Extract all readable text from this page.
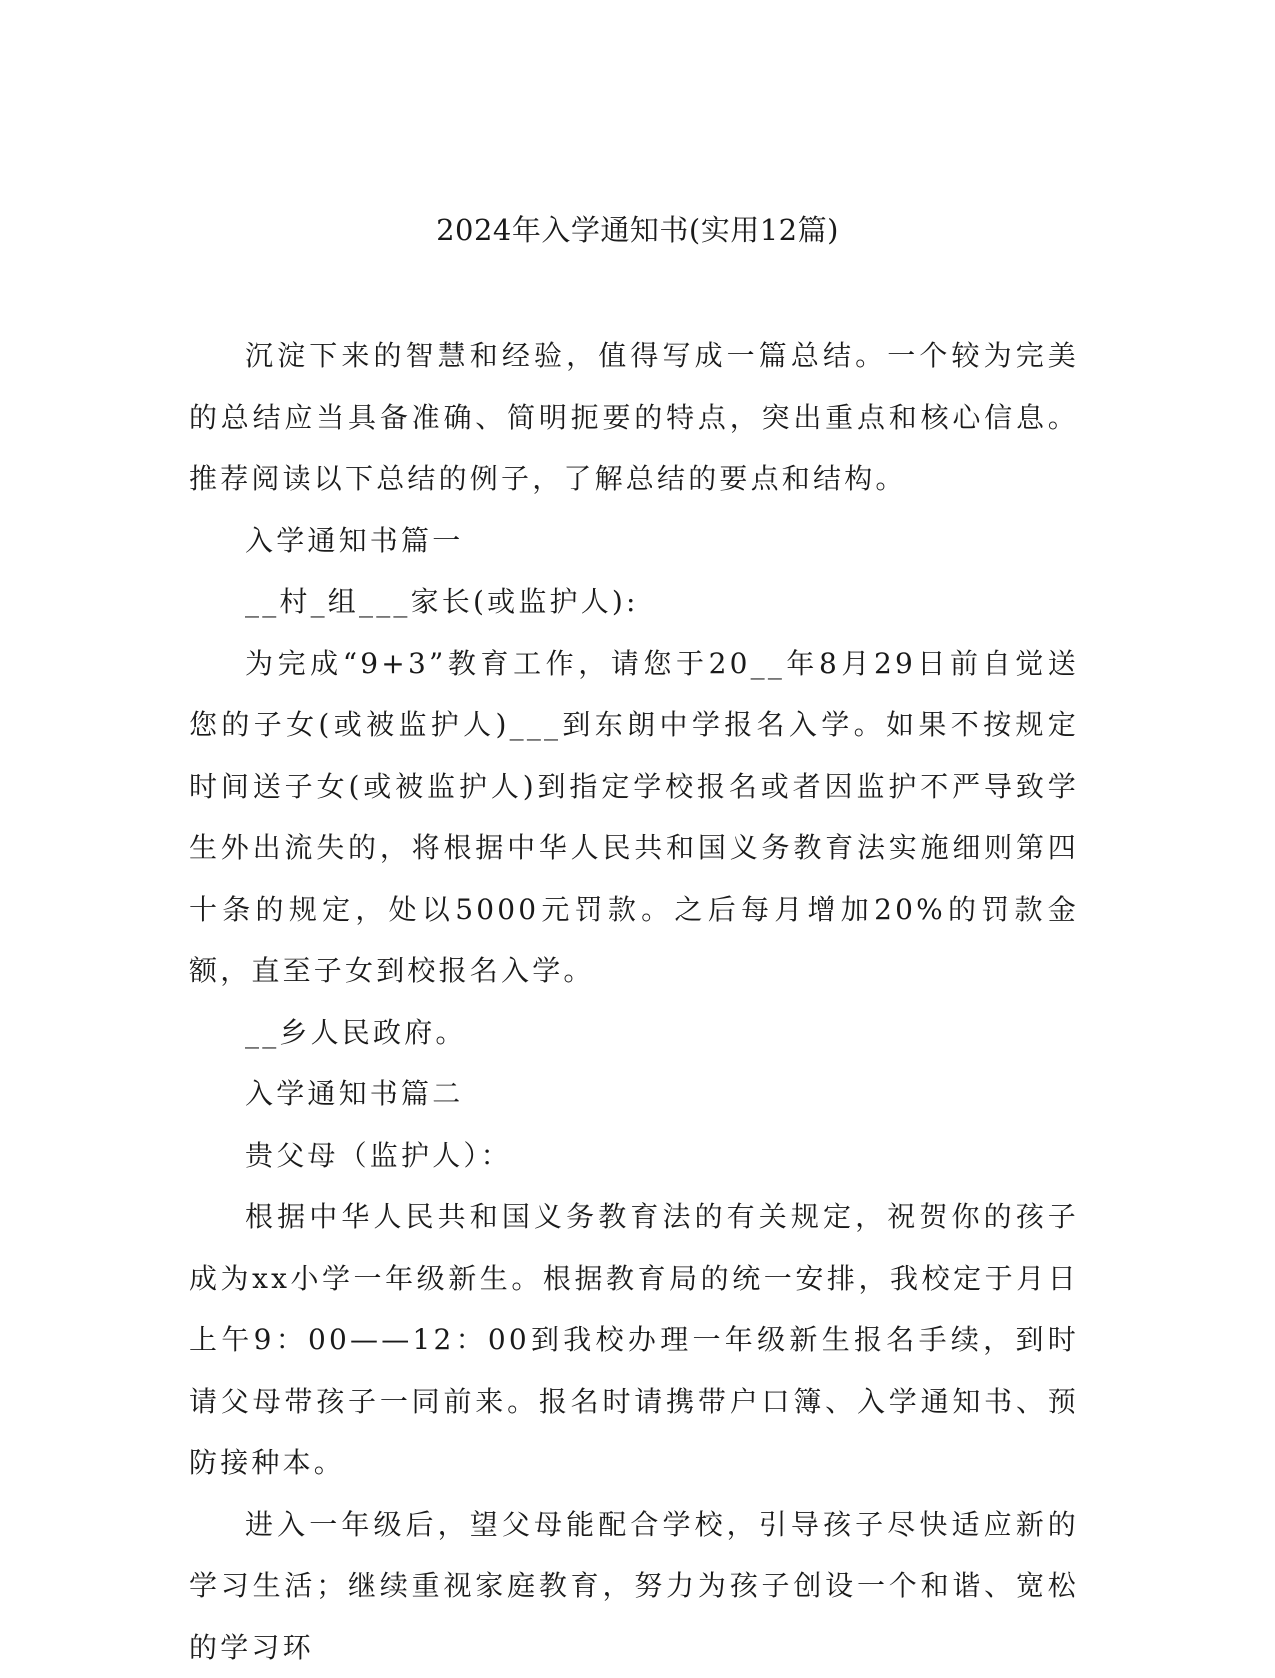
2024年入学通知书(实用12篇)

沉淀下来的智慧和经验，值得写成一篇总结。一个较为完美的总结应当具备准确、简明扼要的特点，突出重点和核心信息。推荐阅读以下总结的例子，了解总结的要点和结构。

入学通知书篇一

__村_组___家长(或监护人):

为完成“9+3”教育工作，请您于20__年8月29日前自觉送您的子女(或被监护人)___到东朗中学报名入学。如果不按规定时间送子女(或被监护人)到指定学校报名或者因监护不严导致学生外出流失的，将根据中华人民共和国义务教育法实施细则第四十条的规定，处以5000元罚款。之后每月增加20%的罚款金额，直至子女到校报名入学。

__乡人民政府。

入学通知书篇二

贵父母（监护人）：

根据中华人民共和国义务教育法的有关规定，祝贺你的孩子成为xx小学一年级新生。根据教育局的统一安排，我校定于月日上午9：00——12：00到我校办理一年级新生报名手续，到时请父母带孩子一同前来。报名时请携带户口簿、入学通知书、预防接种本。

进入一年级后，望父母能配合学校，引导孩子尽快适应新的学习生活；继续重视家庭教育，努力为孩子创设一个和谐、宽松的学习环
